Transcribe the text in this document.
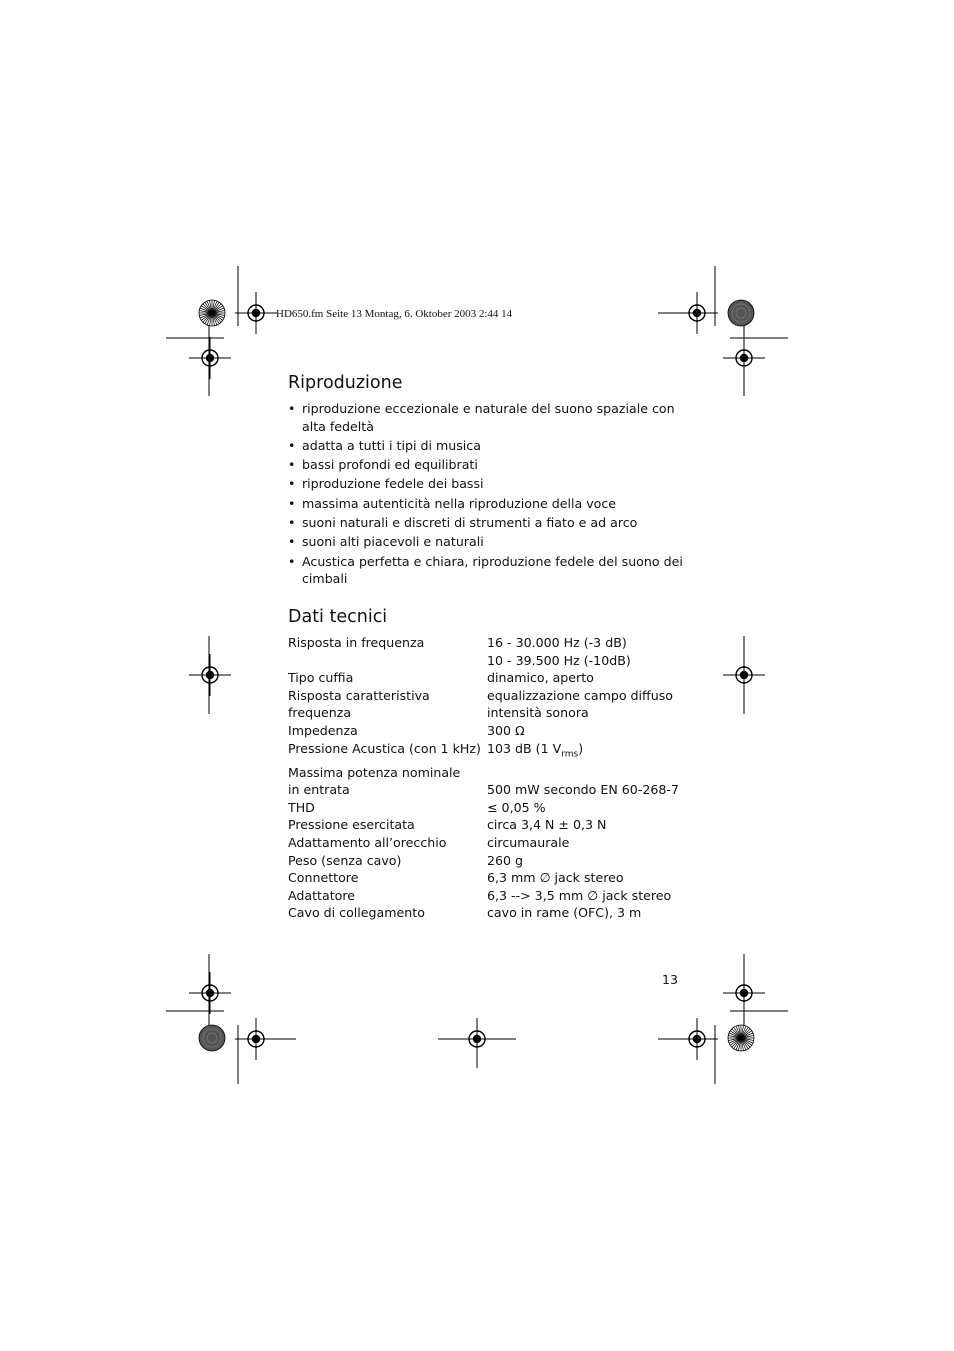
HD650.fm Seite 13 Montag, 6. Oktober 2003 2:44 14
Riproduzione
• riproduzione eccezionale e naturale del suono spaziale con alta fedeltà
• adatta a tutti i tipi di musica
• bassi profondi ed equilibrati
• riproduzione fedele dei bassi
• massima autenticità nella riproduzione della voce
• suoni naturali e discreti di strumenti a fiato e ad arco
• suoni alti piacevoli e naturali
• Acustica perfetta e chiara, riproduzione fedele del suono dei cimbali
Dati tecnici
Risposta in frequenza	16 - 30.000 Hz (-3 dB)
10 - 39.500 Hz (-10dB)
Tipo cuffia	dinamico, aperto
Risposta caratteristiva	equalizzazione campo diffuso
frequenza	intensità sonora
Impedenza	300 Ω
Pressione Acustica (con 1 kHz) 103 dB (1 $V_{rms}$)
Massima potenza nominale
in entrata	500 mW secondo EN 60-268-7
THD	≤ 0,05 %
Pressione esercitata	circa 3,4 N ± 0,3 N
Adattamento all’orecchio	circumaurale
Peso (senza cavo)	260 g
Connettore	6,3 mm ∅ jack stereo
Adattatore	6,3 --> 3,5 mm ∅ jack stereo
Cavo di collegamento	cavo in rame (OFC), 3 m
13
